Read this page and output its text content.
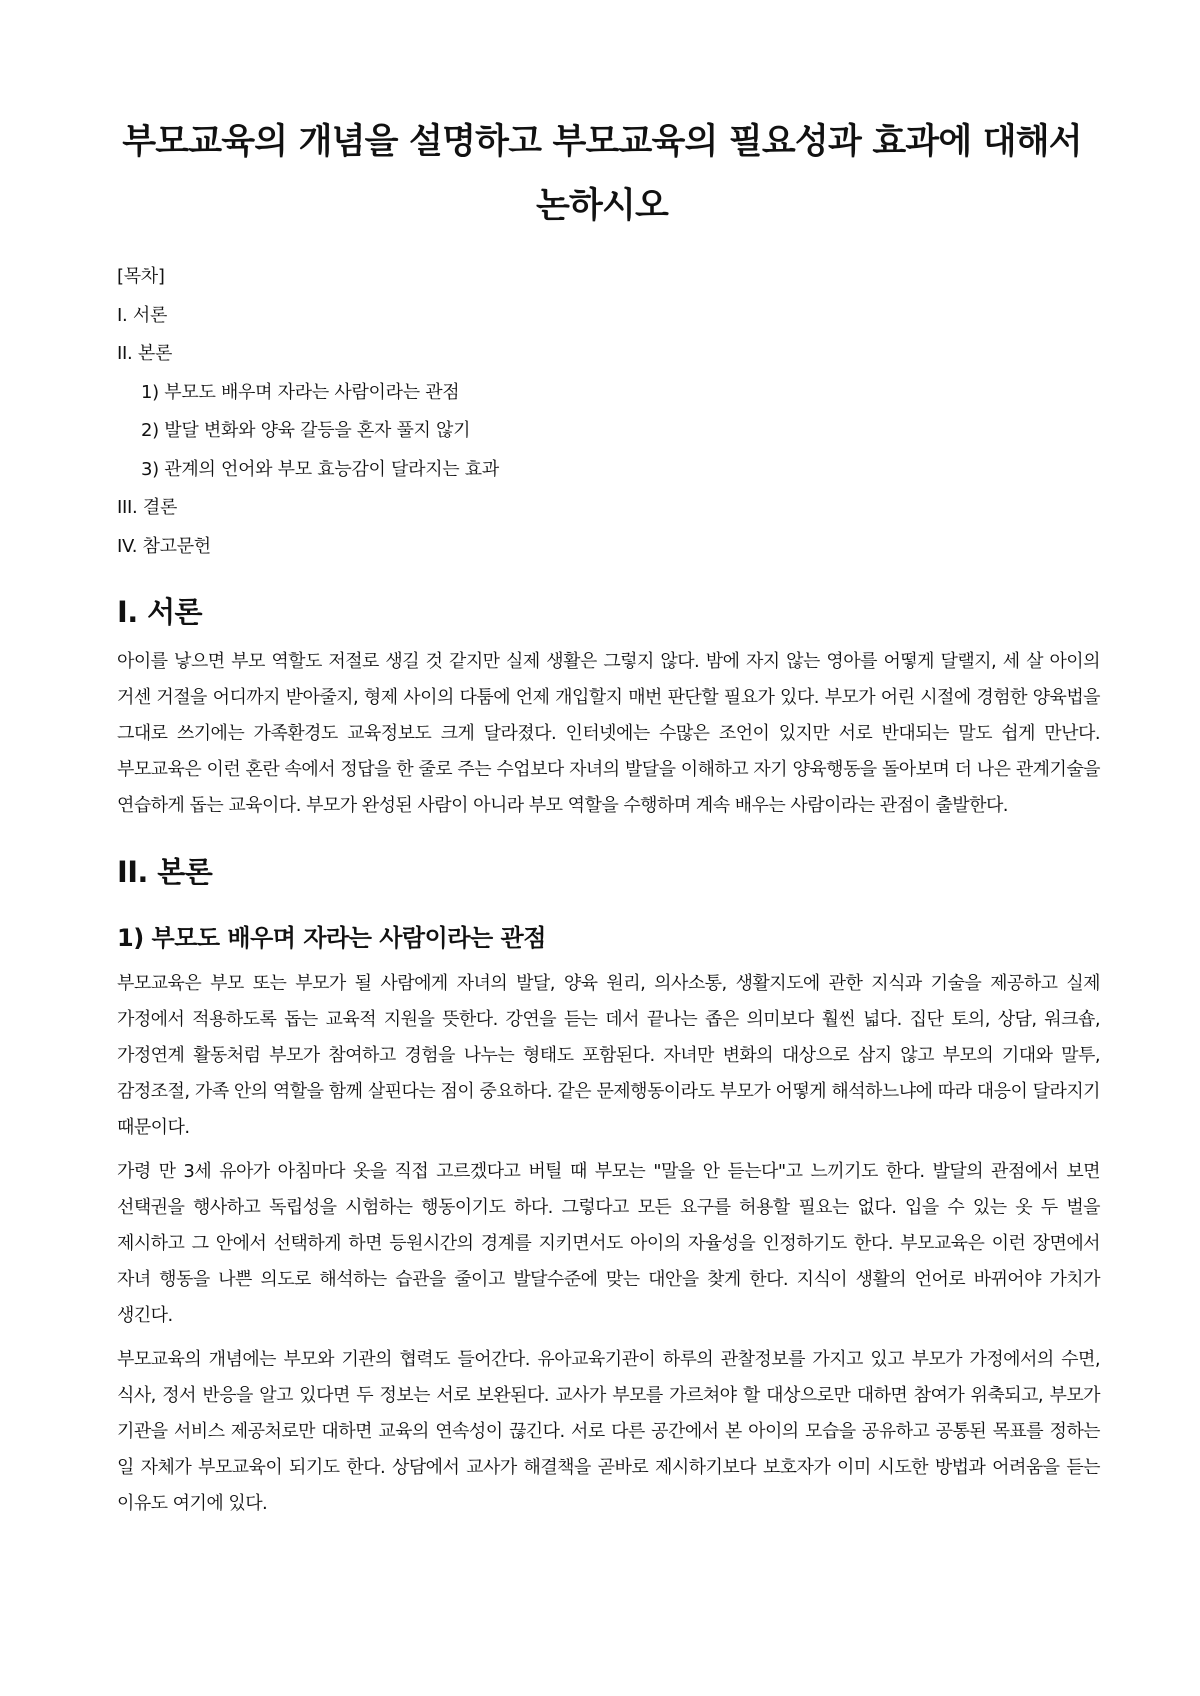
부모교육의 개념을 설명하고 부모교육의 필요성과 효과에 대해서 논하시오
[목차]
I. 서론
II. 본론
1) 부모도 배우며 자라는 사람이라는 관점
2) 발달 변화와 양육 갈등을 혼자 풀지 않기
3) 관계의 언어와 부모 효능감이 달라지는 효과
III. 결론
IV. 참고문헌
I. 서론

아이를 낳으면 부모 역할도 저절로 생길 것 같지만 실제 생활은 그렇지 않다. 밤에 자지 않는 영아를 어떻게 달랠지, 세 살 아이의 거센 거절을 어디까지 받아줄지, 형제 사이의 다툼에 언제 개입할지 매번 판단할 필요가 있다. 부모가 어린 시절에 경험한 양육법을 그대로 쓰기에는 가족환경도 교육정보도 크게 달라졌다. 인터넷에는 수많은 조언이 있지만 서로 반대되는 말도 쉽게 만난다. 부모교육은 이런 혼란 속에서 정답을 한 줄로 주는 수업보다 자녀의 발달을 이해하고 자기 양육행동을 돌아보며 더 나은 관계기술을 연습하게 돕는 교육이다. 부모가 완성된 사람이 아니라 부모 역할을 수행하며 계속 배우는 사람이라는 관점이 출발한다.

II. 본론
1) 부모도 배우며 자라는 사람이라는 관점

부모교육은 부모 또는 부모가 될 사람에게 자녀의 발달, 양육 원리, 의사소통, 생활지도에 관한 지식과 기술을 제공하고 실제 가정에서 적용하도록 돕는 교육적 지원을 뜻한다. 강연을 듣는 데서 끝나는 좁은 의미보다 훨씬 넓다. 집단 토의, 상담, 워크숍, 가정연계 활동처럼 부모가 참여하고 경험을 나누는 형태도 포함된다. 자녀만 변화의 대상으로 삼지 않고 부모의 기대와 말투, 감정조절, 가족 안의 역할을 함께 살핀다는 점이 중요하다. 같은 문제행동이라도 부모가 어떻게 해석하느냐에 따라 대응이 달라지기 때문이다.

가령 만 3세 유아가 아침마다 옷을 직접 고르겠다고 버틸 때 부모는 "말을 안 듣는다"고 느끼기도 한다. 발달의 관점에서 보면 선택권을 행사하고 독립성을 시험하는 행동이기도 하다. 그렇다고 모든 요구를 허용할 필요는 없다. 입을 수 있는 옷 두 벌을 제시하고 그 안에서 선택하게 하면 등원시간의 경계를 지키면서도 아이의 자율성을 인정하기도 한다. 부모교육은 이런 장면에서 자녀 행동을 나쁜 의도로 해석하는 습관을 줄이고 발달수준에 맞는 대안을 찾게 한다. 지식이 생활의 언어로 바뀌어야 가치가 생긴다.

부모교육의 개념에는 부모와 기관의 협력도 들어간다. 유아교육기관이 하루의 관찰정보를 가지고 있고 부모가 가정에서의 수면, 식사, 정서 반응을 알고 있다면 두 정보는 서로 보완된다. 교사가 부모를 가르쳐야 할 대상으로만 대하면 참여가 위축되고, 부모가 기관을 서비스 제공처로만 대하면 교육의 연속성이 끊긴다. 서로 다른 공간에서 본 아이의 모습을 공유하고 공통된 목표를 정하는 일 자체가 부모교육이 되기도 한다. 상담에서 교사가 해결책을 곧바로 제시하기보다 보호자가 이미 시도한 방법과 어려움을 듣는 이유도 여기에 있다.
